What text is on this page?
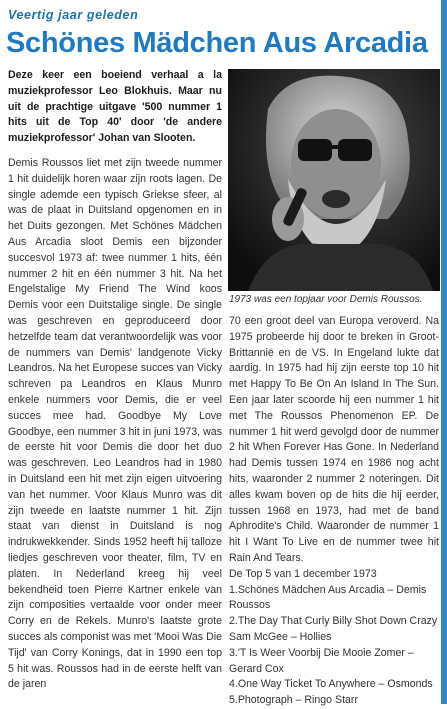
Veertig jaar geleden
Schönes Mädchen Aus Arcadia
Deze keer een boeiend verhaal a la muziekprofessor Leo Blokhuis. Maar nu uit de prachtige uitgave '500 nummer 1 hits uit de Top 40' door 'de andere muziekprofessor' Johan van Slooten.

Demis Roussos liet met zijn tweede nummer 1 hit duidelijk horen waar zijn roots lagen. De single ademde een typisch Griekse sfeer, al was de plaat in Duitsland opgenomen en in het Duits gezongen. Met Schönes Mädchen Aus Arcadia sloot Demis een bijzonder succesvol 1973 af: twee nummer 1 hits, één nummer 2 hit en één nummer 3 hit. Na het Engelstalige My Friend The Wind koos Demis voor een Duitstalige single. De single was geschreven en geproduceerd door hetzelfde team dat verantwoordelijk was voor de nummers van Demis' landgenote Vicky Leandros. Na het Europese succes van Vicky schreven pa Leandros en Klaus Munro enkele nummers voor Demis, die er veel succes mee had. Goodbye My Love Goodbye, een nummer 3 hit in juni 1973, was de eerste hit voor Demis die door het duo was geschreven. Leo Leandros had in 1980 in Duitsland een hit met zijn eigen uitvoering van het nummer. Voor Klaus Munro was dit zijn tweede en laatste nummer 1 hit. Zijn staat van dienst in Duitsland is nog indrukwekkender. Sinds 1952 heeft hij talloze liedjes geschreven voor theater, film, TV en platen. In Nederland kreeg hij veel bekendheid toen Pierre Kartner enkele van zijn composities vertaalde voor onder meer Corry en de Rekels. Munro's laatste grote succes als componist was met 'Mooi Was Die Tijd' van Corry Konings, dat in 1990 een top 5 hit was. Roussos had in de eerste helft van de jaren

1973 was een topjaar voor Demis Roussos.

70 een groot deel van Europa veroverd. Na 1975 probeerde hij door te breken in Groot-Brittannië en de VS. In Engeland lukte dat aardig. In 1975 had hij zijn eerste top 10 hit met Happy To Be On An Island In The Sun. Een jaar later scoorde hij een nummer 1 hit met The Roussos Phenomenon EP. De nummer 1 hit werd gevolgd door de nummer 2 hit When Forever Has Gone. In Nederland had Demis tussen 1974 en 1986 nog acht hits, waaronder 2 nummer 2 noteringen. Dit alles kwam boven op de hits die hij eerder, tussen 1968 en 1973, had met de band Aphrodite's Child. Waaronder de nummer 1 hit I Want To Live en de nummer twee hit Rain And Tears.

De Top 5 van 1 december 1973
1.Schönes Mädchen Aus Arcadia – Demis Roussos
2.The Day That Curly Billy Shot Down Crazy Sam McGee – Hollies
3.'T Is Weer Voorbij Die Mooie Zomer – Gerard Cox
4.One Way Ticket To Anywhere – Osmonds
5.Photograph – Ringo Starr
